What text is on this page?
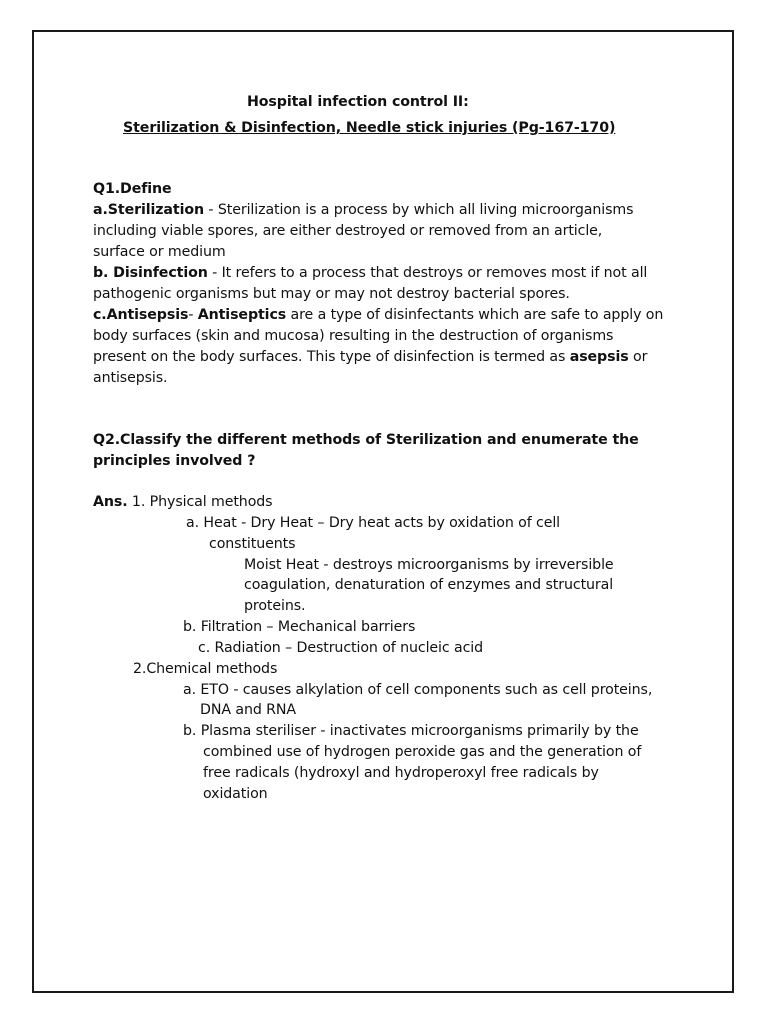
Hospital infection control II:
Sterilization & Disinfection, Needle stick injuries (Pg-167-170)
Q1.Define
a.Sterilization - Sterilization is a process by which all living microorganisms
including viable spores, are either destroyed or removed from an article,
surface or medium
b. Disinfection - It refers to a process that destroys or removes most if not all
pathogenic organisms but may or may not destroy bacterial spores.
c.Antisepsis- Antiseptics are a type of disinfectants which are safe to apply on
body surfaces (skin and mucosa) resulting in the destruction of organisms
present on the body surfaces. This type of disinfection is termed as asepsis or
antisepsis.
Q2.Classify the different methods of Sterilization and enumerate the
principles involved ?
Ans. 1. Physical methods
a. Heat - Dry Heat – Dry heat acts by oxidation of cell
constituents
Moist Heat - destroys microorganisms by irreversible
coagulation, denaturation of enzymes and structural
proteins.
b. Filtration – Mechanical barriers
c. Radiation – Destruction of nucleic acid
2.Chemical methods
a. ETO - causes alkylation of cell components such as cell proteins,
DNA and RNA
b. Plasma steriliser - inactivates microorganisms primarily by the
combined use of hydrogen peroxide gas and the generation of
free radicals (hydroxyl and hydroperoxyl free radicals by
oxidation
